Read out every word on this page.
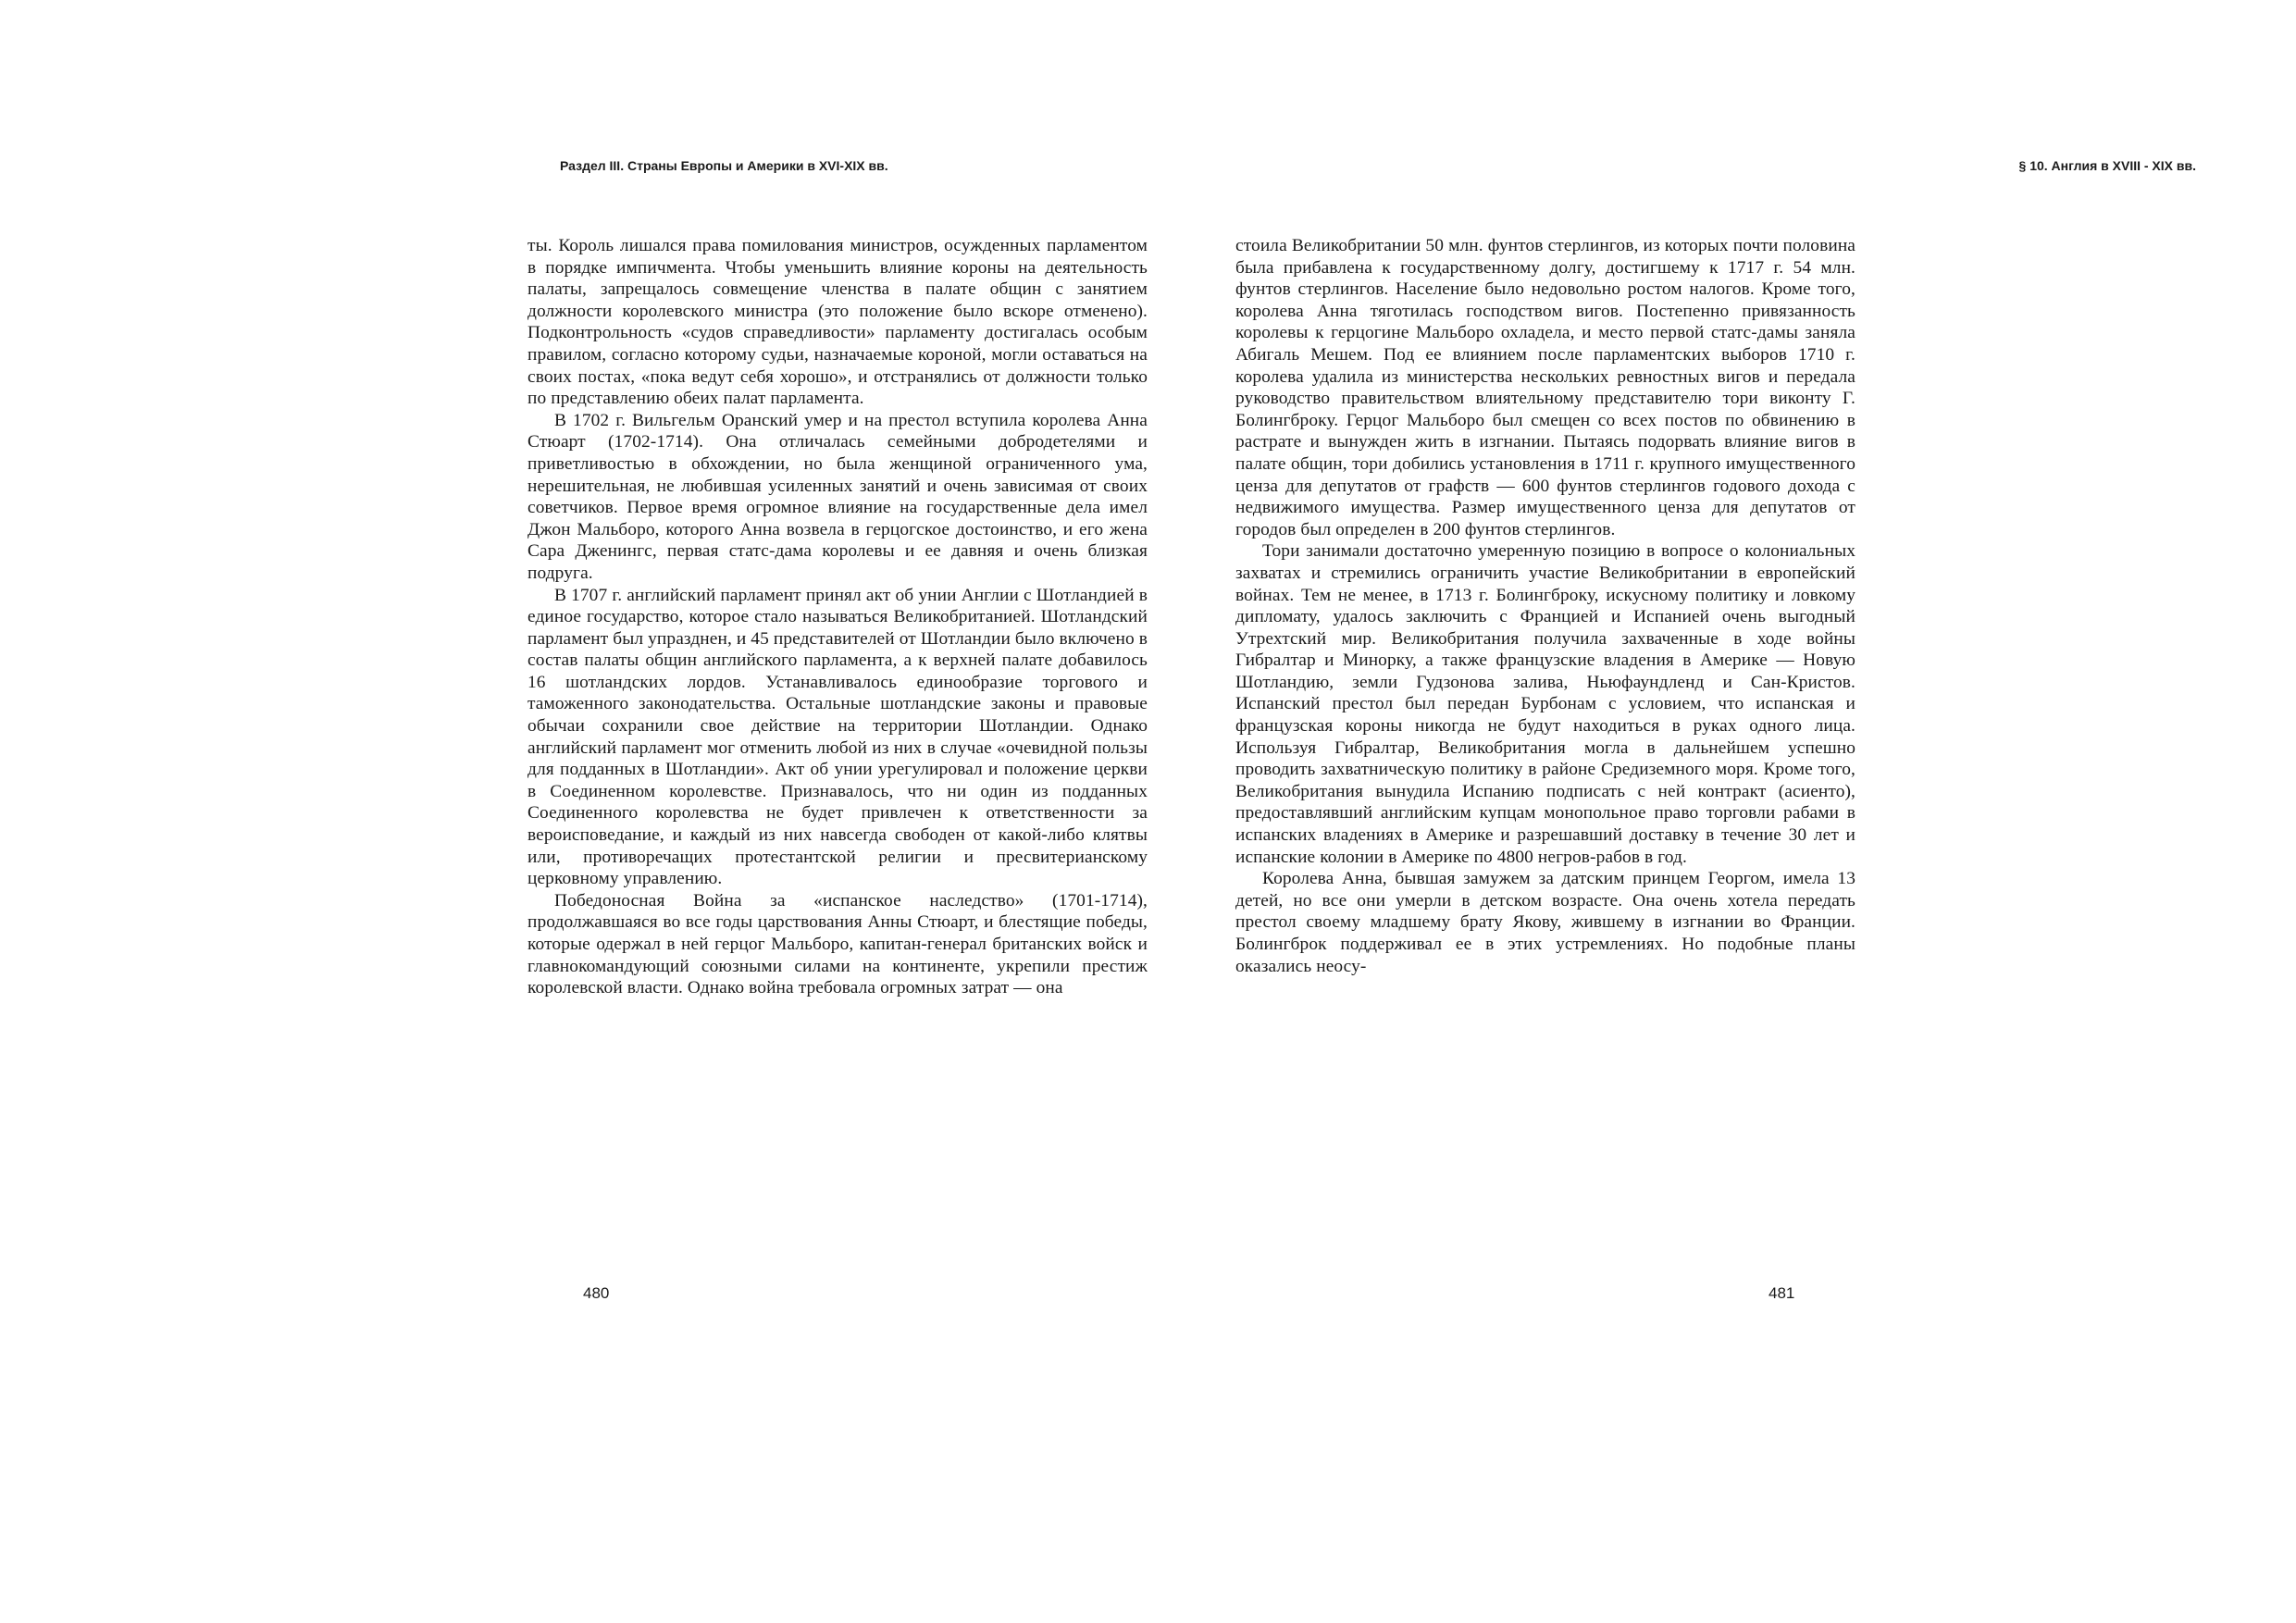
Раздел III. Страны Европы и Америки в XVI-XIX вв.

ты. Король лишался права помилования министров, осужденных парламентом в порядке импичмента. Чтобы уменьшить влияние короны на деятельность палаты, запрещалось совмещение членства в палате общин с занятием должности королевского министра (это положение было вскоре отменено). Подконтрольность «судов справедливости» парламенту достигалась особым правилом, согласно которому судьи, назначаемые короной, могли оставаться на своих постах, «пока ведут себя хорошо», и отстранялись от должности только по представлению обеих палат парламента.

В 1702 г. Вильгельм Оранский умер и на престол вступила королева Анна Стюарт (1702-1714). Она отличалась семейными добродетелями и приветливостью в обхождении, но была женщиной ограниченного ума, нерешительная, не любившая усиленных занятий и очень зависимая от своих советчиков. Первое время огромное влияние на государственные дела имел Джон Мальборо, которого Анна возвела в герцогское достоинство, и его жена Сара Дженингс, первая статс-дама королевы и ее давняя и очень близкая подруга.

В 1707 г. английский парламент принял акт об унии Англии с Шотландией в единое государство, которое стало называться Великобританией. Шотландский парламент был упразднен, и 45 представителей от Шотландии было включено в состав палаты общин английского парламента, а к верхней палате добавилось 16 шотландских лордов. Устанавливалось единообразие торгового и таможенного законодательства. Остальные шотландские законы и правовые обычаи сохранили свое действие на территории Шотландии. Однако английский парламент мог отменить любой из них в случае «очевидной пользы для подданных в Шотландии». Акт об унии урегулировал и положение церкви в Соединенном королевстве. Признавалось, что ни один из подданных Соединенного королевства не будет привлечен к ответственности за вероисповедание, и каждый из них навсегда свободен от какой-либо клятвы или, противоречащих протестантской религии и пресвитерианскому церковному управлению.

Победоносная Война за «испанское наследство» (1701-1714), продолжавшаяся во все годы царствования Анны Стюарт, и блестящие победы, которые одержал в ней герцог Мальборо, капитан-генерал британских войск и главнокомандующий союзными силами на континенте, укрепили престиж королевской власти. Однако война требовала огромных затрат — она

480
§ 10. Англия в XVIII - XIX вв.

стоила Великобритании 50 млн. фунтов стерлингов, из которых почти половина была прибавлена к государственному долгу, достигшему к 1717 г. 54 млн. фунтов стерлингов. Население было недовольно ростом налогов. Кроме того, королева Анна тяготилась господством вигов. Постепенно привязанность королевы к герцогине Мальборо охладела, и место первой статс-дамы заняла Абигаль Мешем. Под ее влиянием после парламентских выборов 1710 г. королева удалила из министерства нескольких ревностных вигов и передала руководство правительством влиятельному представителю тори виконту Г. Болингброку. Герцог Мальборо был смещен со всех постов по обвинению в растрате и вынужден жить в изгнании. Пытаясь подорвать влияние вигов в палате общин, тори добились установления в 1711 г. крупного имущественного ценза для депутатов от графств — 600 фунтов стерлингов годового дохода с недвижимого имущества. Размер имущественного ценза для депутатов от городов был определен в 200 фунтов стерлингов.

Тори занимали достаточно умеренную позицию в вопросе о колониальных захватах и стремились ограничить участие Великобритании в европейский войнах. Тем не менее, в 1713 г. Болингброку, искусному политику и ловкому дипломату, удалось заключить с Францией и Испанией очень выгодный Утрехтский мир. Великобритания получила захваченные в ходе войны Гибралтар и Минорку, а также французские владения в Америке — Новую Шотландию, земли Гудзонова залива, Ньюфаундленд и Сан-Кристов. Испанский престол был передан Бурбонам с условием, что испанская и французская короны никогда не будут находиться в руках одного лица. Используя Гибралтар, Великобритания могла в дальнейшем успешно проводить захватническую политику в районе Средиземного моря. Кроме того, Великобритания вынудила Испанию подписать с ней контракт (асиенто), предоставлявший английским купцам монопольное право торговли рабами в испанских владениях в Америке и разрешавший доставку в течение 30 лет и испанские колонии в Америке по 4800 негров-рабов в год.

Королева Анна, бывшая замужем за датским принцем Георгом, имела 13 детей, но все они умерли в детском возрасте. Она очень хотела передать престол своему младшему брату Якову, жившему в изгнании во Франции. Болингброк поддерживал ее в этих устремлениях. Но подобные планы оказались неосу-

481
